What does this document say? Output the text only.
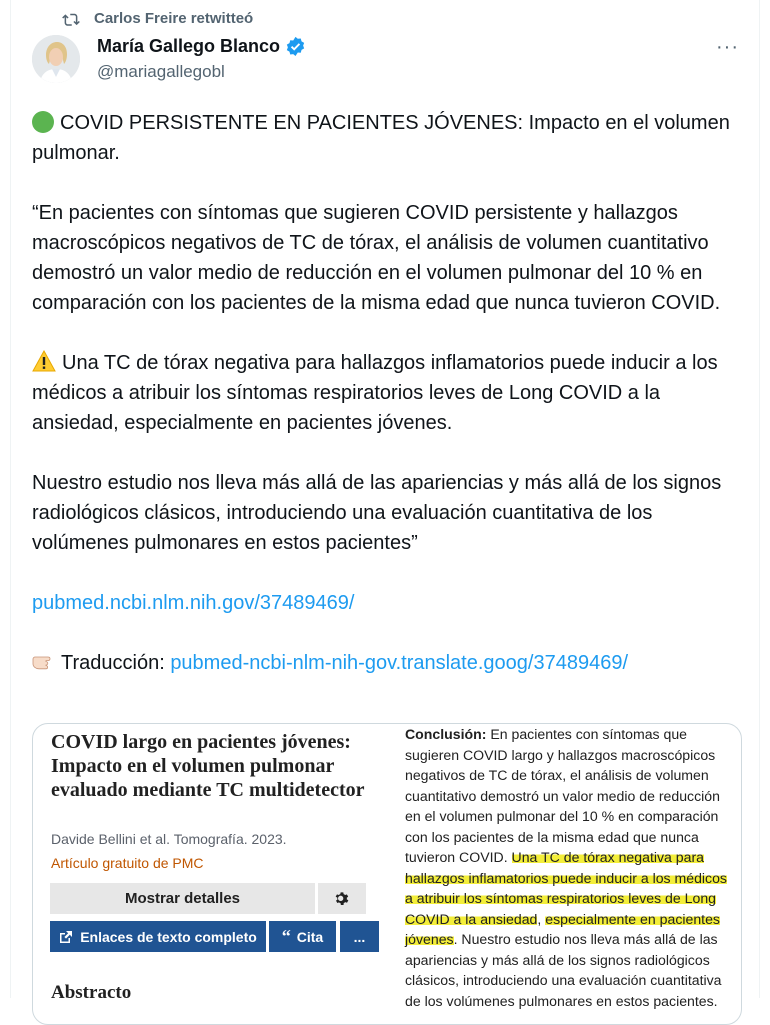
Carlos Freire retwitteó
María Gallego Blanco
@mariagallegobl
···

COVID PERSISTENTE EN PACIENTES JÓVENES: Impacto en el volumen pulmonar.

“En pacientes con síntomas que sugieren COVID persistente y hallazgos macroscópicos negativos de TC de tórax, el análisis de volumen cuantitativo demostró un valor medio de reducción en el volumen pulmonar del 10 % en comparación con los pacientes de la misma edad que nunca tuvieron COVID.

Una TC de tórax negativa para hallazgos inflamatorios puede inducir a los médicos a atribuir los síntomas respiratorios leves de Long COVID a la ansiedad, especialmente en pacientes jóvenes.

Nuestro estudio nos lleva más allá de las apariencias y más allá de los signos radiológicos clásicos, introduciendo una evaluación cuantitativa de los volúmenes pulmonares en estos pacientes”

pubmed.ncbi.nlm.nih.gov/37489469/

Traducción: pubmed-ncbi-nlm-nih-gov.translate.goog/37489469/

COVID largo en pacientes jóvenes: Impacto en el volumen pulmonar evaluado mediante TC multidetector
Davide Bellini et al. Tomografía. 2023.
Artículo gratuito de PMC
Mostrar detalles
Enlaces de texto completo “ Cita	...
Abstracto
Conclusión: En pacientes con síntomas que sugieren COVID largo y hallazgos macroscópicos negativos de TC de tórax, el análisis de volumen cuantitativo demostró un valor medio de reducción en el volumen pulmonar del 10 % en comparación con los pacientes de la misma edad que nunca tuvieron COVID. Una TC de tórax negativa para hallazgos inflamatorios puede inducir a los médicos a atribuir los síntomas respiratorios leves de Long COVID a la ansiedad, especialmente en pacientes jóvenes. Nuestro estudio nos lleva más allá de las apariencias y más allá de los signos radiológicos clásicos, introduciendo una evaluación cuantitativa de los volúmenes pulmonares en estos pacientes.
